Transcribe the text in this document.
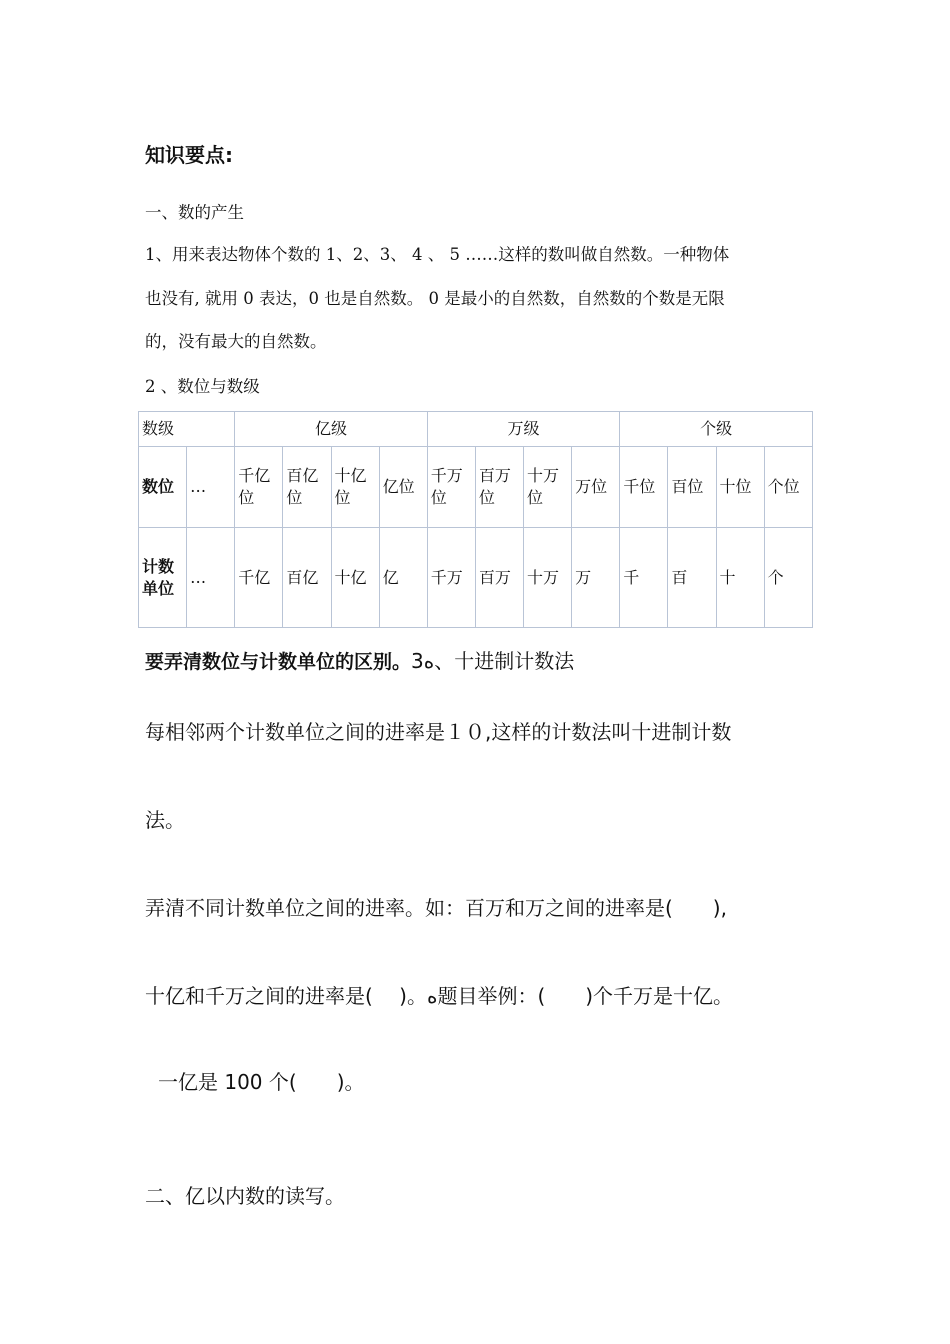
知识要点:
一、数的产生
1、用来表达物体个数的 1、2、3、 4 、 5 ……这样的数叫做自然数。一种物体
也没有, 就用 0 表达，0 也是自然数。 0 是最小的自然数，自然数的个数是无限
的，没有最大的自然数。
2 、数位与数级
数级		亿级				万级				个级			
数位	…	千亿位	百亿位	十亿位	亿位	千万位	百万位	十万位	万位	千位	百位	十位	个位
计数单位	…	千亿	百亿	十亿	亿	千万	百万	十万	万	千	百	十	个
要弄清数位与计数单位的区别。3ه、十进制计数法
每相邻两个计数单位之间的进率是１０,这样的计数法叫十进制计数
法。
弄清不同计数单位之间的进率。如：百万和万之间的进率是(　　),
十亿和千万之间的进率是(　 )。ه题目举例：(　　)个千万是十亿。
一亿是 100 个(　　)。
二、亿以内数的读写。
